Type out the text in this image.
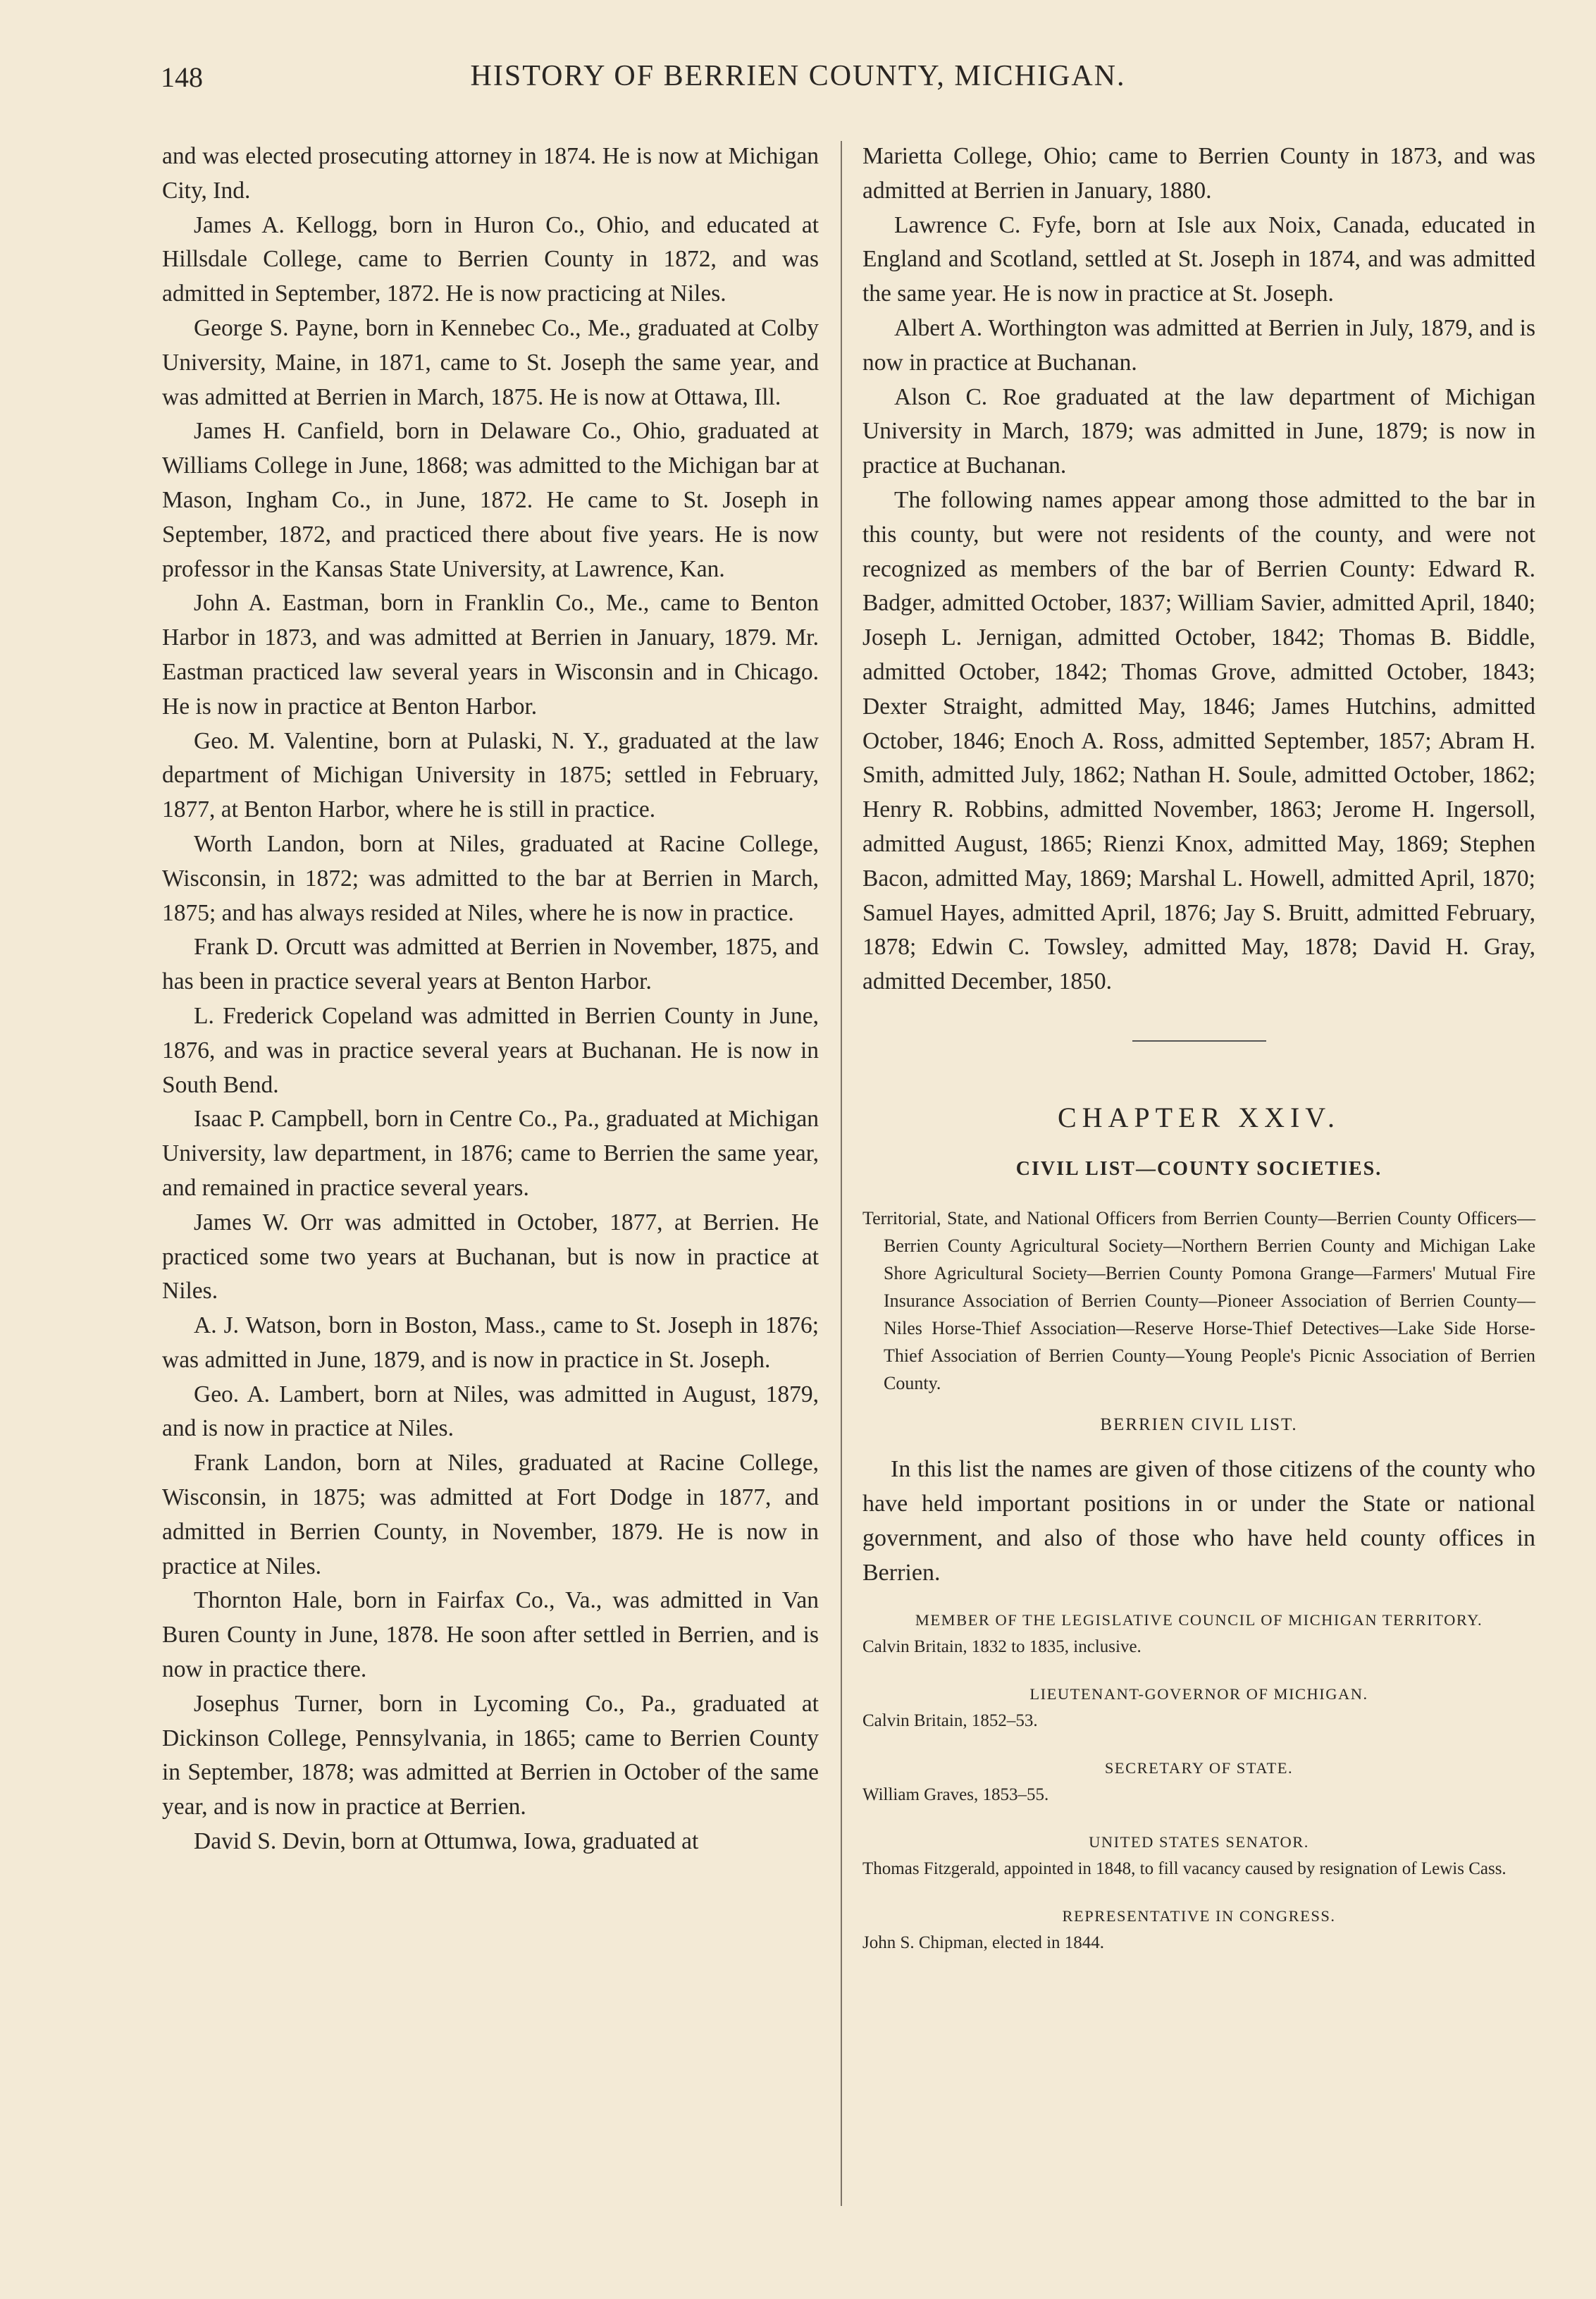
148	HISTORY OF BERRIEN COUNTY, MICHIGAN.

and was elected prosecuting attorney in 1874. He is now at Michigan City, Ind.

James A. Kellogg, born in Huron Co., Ohio, and educated at Hillsdale College, came to Berrien County in 1872, and was admitted in September, 1872. He is now practicing at Niles.

George S. Payne, born in Kennebec Co., Me., graduated at Colby University, Maine, in 1871, came to St. Joseph the same year, and was admitted at Berrien in March, 1875. He is now at Ottawa, Ill.

James H. Canfield, born in Delaware Co., Ohio, graduated at Williams College in June, 1868; was admitted to the Michigan bar at Mason, Ingham Co., in June, 1872. He came to St. Joseph in September, 1872, and practiced there about five years. He is now professor in the Kansas State University, at Lawrence, Kan.

John A. Eastman, born in Franklin Co., Me., came to Benton Harbor in 1873, and was admitted at Berrien in January, 1879. Mr. Eastman practiced law several years in Wisconsin and in Chicago. He is now in practice at Benton Harbor.

Geo. M. Valentine, born at Pulaski, N. Y., graduated at the law department of Michigan University in 1875; settled in February, 1877, at Benton Harbor, where he is still in practice.

Worth Landon, born at Niles, graduated at Racine College, Wisconsin, in 1872; was admitted to the bar at Berrien in March, 1875; and has always resided at Niles, where he is now in practice.

Frank D. Orcutt was admitted at Berrien in November, 1875, and has been in practice several years at Benton Harbor.

L. Frederick Copeland was admitted in Berrien County in June, 1876, and was in practice several years at Buchanan. He is now in South Bend.

Isaac P. Campbell, born in Centre Co., Pa., graduated at Michigan University, law department, in 1876; came to Berrien the same year, and remained in practice several years.

James W. Orr was admitted in October, 1877, at Berrien. He practiced some two years at Buchanan, but is now in practice at Niles.

A. J. Watson, born in Boston, Mass., came to St. Joseph in 1876; was admitted in June, 1879, and is now in practice in St. Joseph.

Geo. A. Lambert, born at Niles, was admitted in August, 1879, and is now in practice at Niles.

Frank Landon, born at Niles, graduated at Racine College, Wisconsin, in 1875; was admitted at Fort Dodge in 1877, and admitted in Berrien County, in November, 1879. He is now in practice at Niles.

Thornton Hale, born in Fairfax Co., Va., was admitted in Van Buren County in June, 1878. He soon after settled in Berrien, and is now in practice there.

Josephus Turner, born in Lycoming Co., Pa., graduated at Dickinson College, Pennsylvania, in 1865; came to Berrien County in September, 1878; was admitted at Berrien in October of the same year, and is now in practice at Berrien.

David S. Devin, born at Ottumwa, Iowa, graduated at

Marietta College, Ohio; came to Berrien County in 1873, and was admitted at Berrien in January, 1880.

Lawrence C. Fyfe, born at Isle aux Noix, Canada, educated in England and Scotland, settled at St. Joseph in 1874, and was admitted the same year. He is now in practice at St. Joseph.

Albert A. Worthington was admitted at Berrien in July, 1879, and is now in practice at Buchanan.

Alson C. Roe graduated at the law department of Michigan University in March, 1879; was admitted in June, 1879; is now in practice at Buchanan.

The following names appear among those admitted to the bar in this county, but were not residents of the county, and were not recognized as members of the bar of Berrien County: Edward R. Badger, admitted October, 1837; William Savier, admitted April, 1840; Joseph L. Jernigan, admitted October, 1842; Thomas B. Biddle, admitted October, 1842; Thomas Grove, admitted October, 1843; Dexter Straight, admitted May, 1846; James Hutchins, admitted October, 1846; Enoch A. Ross, admitted September, 1857; Abram H. Smith, admitted July, 1862; Nathan H. Soule, admitted October, 1862; Henry R. Robbins, admitted November, 1863; Jerome H. Ingersoll, admitted August, 1865; Rienzi Knox, admitted May, 1869; Stephen Bacon, admitted May, 1869; Marshal L. Howell, admitted April, 1870; Samuel Hayes, admitted April, 1876; Jay S. Bruitt, admitted February, 1878; Edwin C. Towsley, admitted May, 1878; David H. Gray, admitted December, 1850.

CHAPTER XXIV.
CIVIL LIST—COUNTY SOCIETIES.
Territorial, State, and National Officers from Berrien County—Berrien County Officers—Berrien County Agricultural Society—Northern Berrien County and Michigan Lake Shore Agricultural Society—Berrien County Pomona Grange—Farmers' Mutual Fire Insurance Association of Berrien County—Pioneer Association of Berrien County—Niles Horse-Thief Association—Reserve Horse-Thief Detectives—Lake Side Horse-Thief Association of Berrien County—Young People's Picnic Association of Berrien County.
BERRIEN CIVIL LIST.

In this list the names are given of those citizens of the county who have held important positions in or under the State or national government, and also of those who have held county offices in Berrien.

MEMBER OF THE LEGISLATIVE COUNCIL OF MICHIGAN TERRITORY.
Calvin Britain, 1832 to 1835, inclusive.
LIEUTENANT-GOVERNOR OF MICHIGAN.
Calvin Britain, 1852–53.
SECRETARY OF STATE.
William Graves, 1853–55.
UNITED STATES SENATOR.
Thomas Fitzgerald, appointed in 1848, to fill vacancy caused by resignation of Lewis Cass.
REPRESENTATIVE IN CONGRESS.
John S. Chipman, elected in 1844.
